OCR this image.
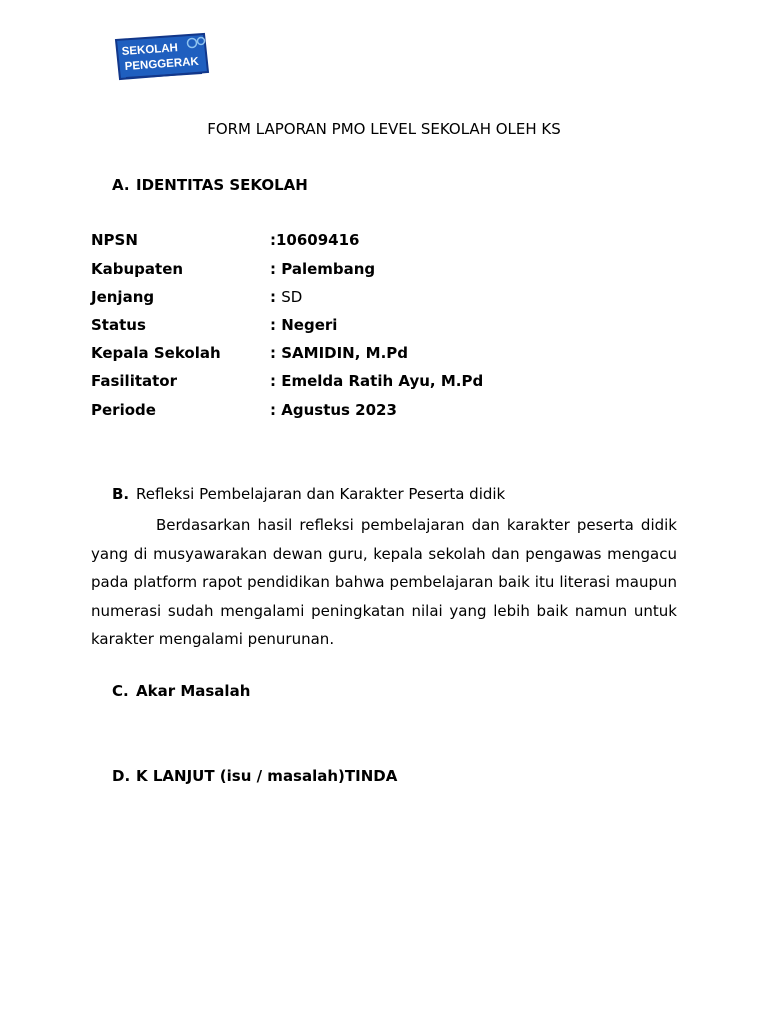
SEKOLAH
PENGGERAK
FORM LAPORAN PMO LEVEL SEKOLAH OLEH KS
A. IDENTITAS SEKOLAH
NPSN	:10609416
Kabupaten	: Palembang
Jenjang	: SD
Status	: Negeri
Kepala Sekolah	: SAMIDIN, M.Pd
Fasilitator	: Emelda Ratih Ayu, M.Pd
Periode	: Agustus 2023
B. Refleksi Pembelajaran dan Karakter Peserta didik

Berdasarkan hasil refleksi pembelajaran dan karakter peserta didik yang di musyawarakan dewan guru, kepala sekolah dan pengawas mengacu pada platform rapot pendidikan bahwa pembelajaran baik itu literasi maupun numerasi sudah mengalami peningkatan nilai yang lebih baik namun untuk karakter mengalami penurunan.

C. Akar Masalah
D. K LANJUT (isu / masalah)TINDA
